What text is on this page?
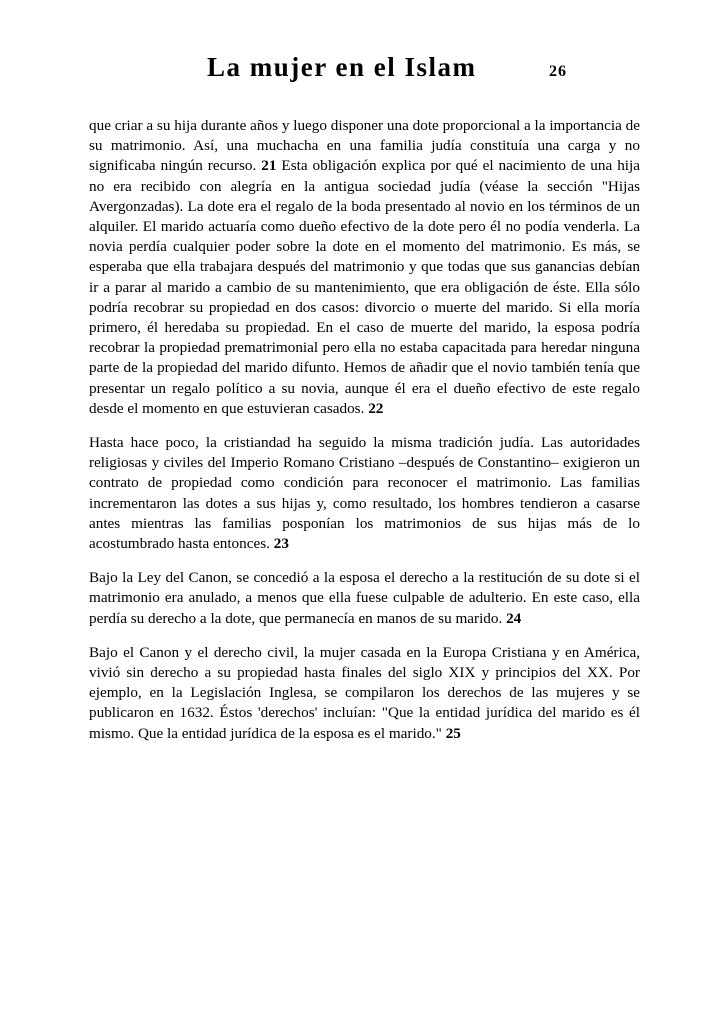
La mujer en el Islam	26

que criar a su hija durante años y luego disponer una dote proporcional a la importancia de su matrimonio. Así, una muchacha en una familia judía constituía una carga y no significaba ningún recurso. 21 Esta obligación explica por qué el nacimiento de una hija no era recibido con alegría en la antigua sociedad judía (véase la sección "Hijas Avergonzadas). La dote era el regalo de la boda presentado al novio en los términos de un alquiler. El marido actuaría como dueño efectivo de la dote pero él no podía venderla. La novia perdía cualquier poder sobre la dote en el momento del matrimonio. Es más, se esperaba que ella trabajara después del matrimonio y que todas que sus ganancias debían ir a parar al marido a cambio de su mantenimiento, que era obligación de éste. Ella sólo podría recobrar su propiedad en dos casos: divorcio o muerte del marido. Si ella moría primero, él heredaba su propiedad. En el caso de muerte del marido, la esposa podría recobrar la propiedad prematrimonial pero ella no estaba capacitada para heredar ninguna parte de la propiedad del marido difunto. Hemos de añadir que el novio también tenía que presentar un regalo político a su novia, aunque él era el dueño efectivo de este regalo desde el momento en que estuvieran casados. 22

Hasta hace poco, la cristiandad ha seguido la misma tradición judía. Las autoridades religiosas y civiles del Imperio Romano Cristiano –después de Constantino– exigieron un contrato de propiedad como condición para reconocer el matrimonio. Las familias incrementaron las dotes a sus hijas y, como resultado, los hombres tendieron a casarse antes mientras las familias posponían los matrimonios de sus hijas más de lo acostumbrado hasta entonces. 23

Bajo la Ley del Canon, se concedió a la esposa el derecho a la restitución de su dote si el matrimonio era anulado, a menos que ella fuese culpable de adulterio. En este caso, ella perdía su derecho a la dote, que permanecía en manos de su marido. 24

Bajo el Canon y el derecho civil, la mujer casada en la Europa Cristiana y en América, vivió sin derecho a su propiedad hasta finales del siglo XIX y principios del XX. Por ejemplo, en la Legislación Inglesa, se compilaron los derechos de las mujeres y se publicaron en 1632. Éstos 'derechos' incluían: "Que la entidad jurídica del marido es él mismo. Que la entidad jurídica de la esposa es el marido." 25
